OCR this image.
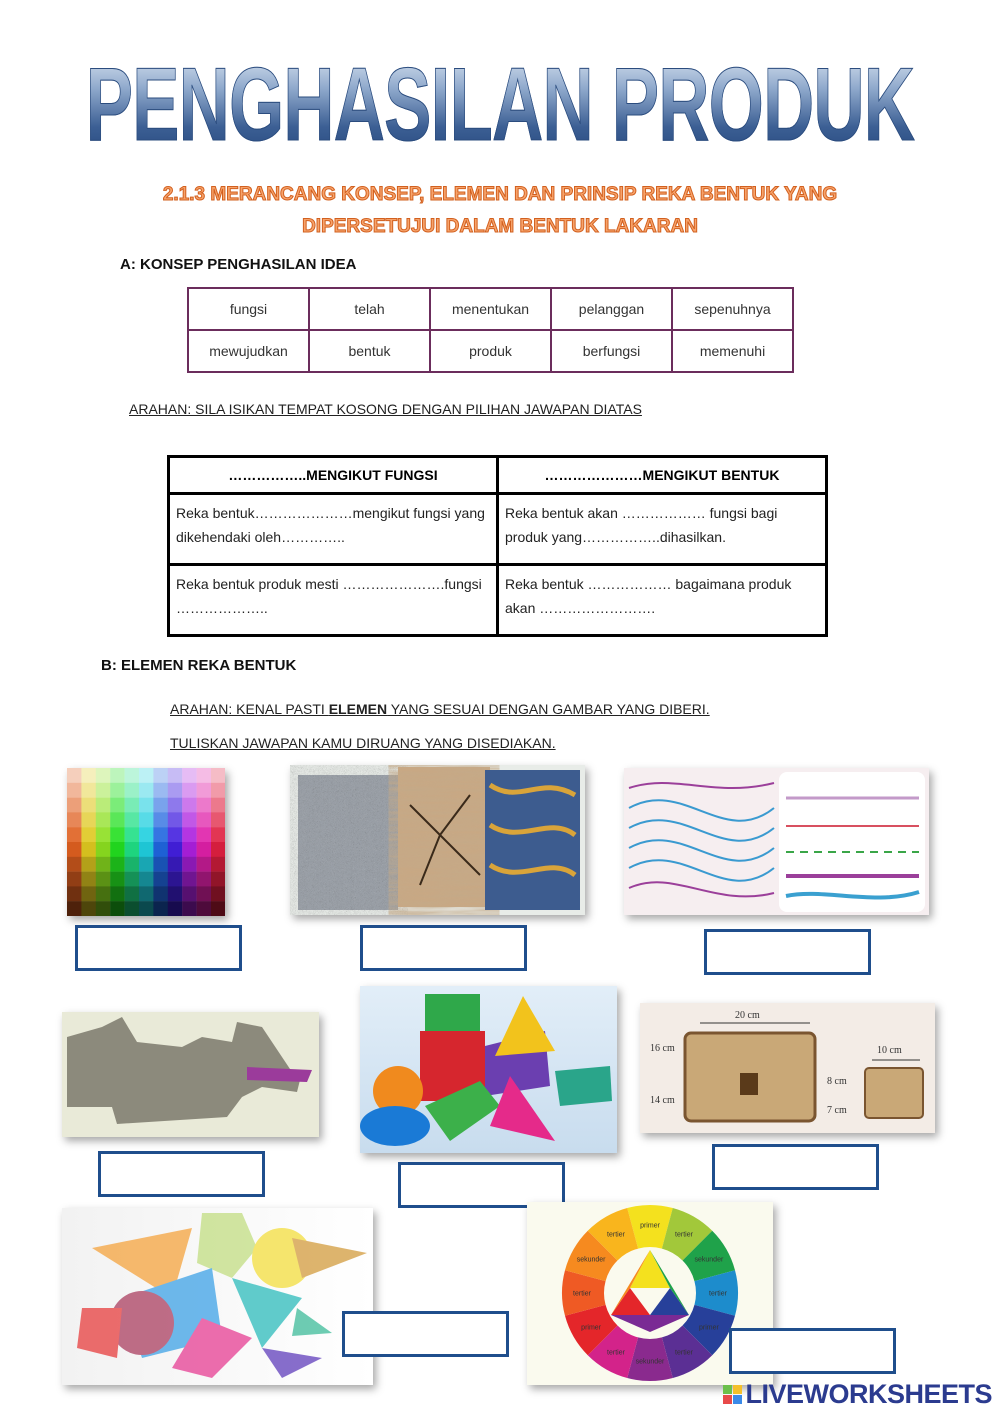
PENGHASILAN PRODUK
2.1.3 MERANCANG KONSEP, ELEMEN DAN PRINSIP REKA BENTUK YANG
DIPERSETUJUI DALAM BENTUK LAKARAN
A: KONSEP PENGHASILAN IDEA
fungsi	telah	menentukan	pelanggan	sepenuhnya
mewujudkan	bentuk	produk	berfungsi	memenuhi
ARAHAN: SILA ISIKAN TEMPAT KOSONG DENGAN PILIHAN JAWAPAN DIATAS
……………..MENGIKUT FUNGSI	…………………MENGIKUT BENTUK
Reka bentuk…………………mengikut fungsi yang dikehendaki oleh…………..	Reka bentuk akan ……………… fungsi bagi produk yang……………..dihasilkan.
Reka bentuk produk mesti ………………….fungsi ………………..	Reka bentuk ……………… bagaimana produk akan …………………….
B: ELEMEN REKA BENTUK
ARAHAN: KENAL PASTI ELEMEN YANG SESUAI DENGAN GAMBAR YANG DIBERI.
TULISKAN JAWAPAN KAMU DIRUANG YANG DISEDIAKAN.
20 cm
16 cm
14 cm
10 cm
8 cm
7 cm
primer
tertier
sekunder
tertier
primer
tertier
sekunder
tertier
primer
tertier
sekunder
tertier
LIVEWORKSHEETS
